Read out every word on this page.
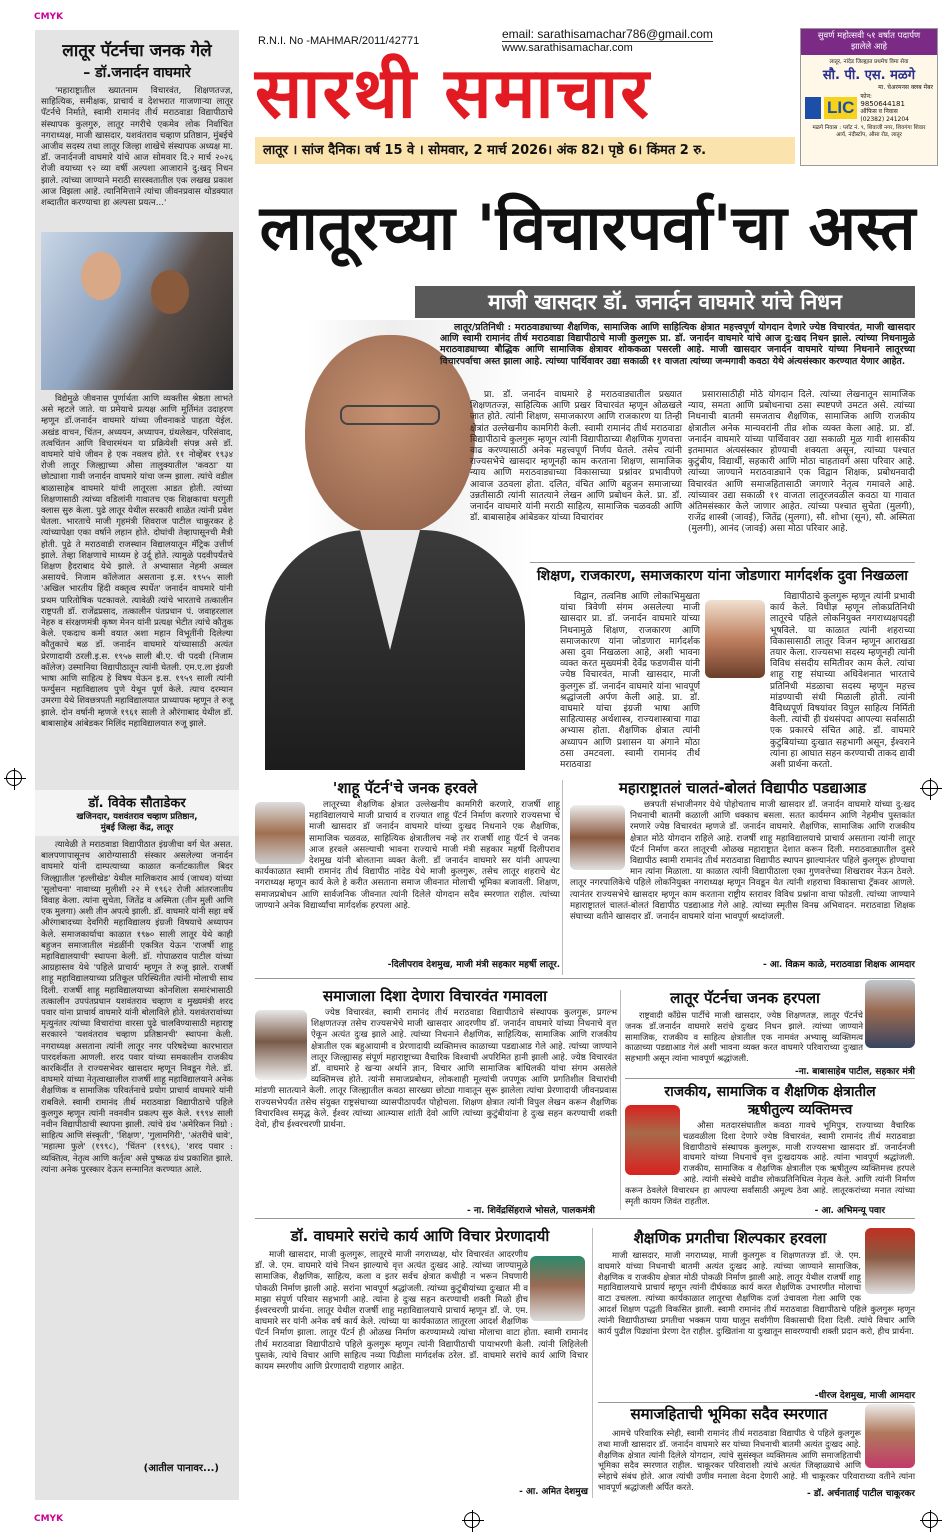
CMYK
CMYK
लातूर पॅटर्नचा जनक गेले
– डॉ.जनार्दन वाघमारे

'महाराष्ट्रातील ख्यातनाम विचारवंत, शिक्षणतज्ज्ञ, साहित्यिक, समीक्षक, प्राचार्य व देशभरात गाजणाऱ्या लातूर पॅटर्नचे निर्माते, स्वामी रामानंद तीर्थ मराठवाडा विद्यापीठाचे संस्थापक कुलगुरु, लातूर नगरीचे एकमेव लोक निर्वाचित नगराध्यक्ष, माजी खासदार, यशवंतराव चव्हाण प्रतिष्ठान, मुंबईचे आजीव सदस्य तथा लातूर जिल्हा शाखेचे संस्थापक अध्यक्ष मा. डॉ. जनार्दनजी वाघमारे यांचे आज सोमवार दि.२ मार्च २०२६ रोजी वयाच्या ९२ व्या वर्षी अल्पशा आजाराने दु:खद् निधन झाले. त्यांच्या जाण्याने मराठी सारस्वतातील एक लखख प्रकाश आज विझला आहे. त्यानिमित्ताने त्यांचा जीवनप्रवास थोडक्यात शब्दातीत करण्याचा हा अल्पसा प्रयत्न...'

विद्येमुळे जीवनास पूर्णार्थता आणि व्यक्तीस श्रेष्ठता लाभते असे म्हटले जाते. या प्रमेयाचे प्रत्यक्ष आणि मूर्तिमंत उदाहरण म्हणून डॉ.जनार्दन वाघमारे यांच्या जीवनाकडे पाहता येईल. अखंड वाचन, चिंतन, अध्ययन, अध्यापन, ग्रंथलेखन, परिसंवाद, तत्वचिंतन आणि विचारमंथन या प्रक्रियेशी संपन्न असे डॉ. वाघमारे यांचे जीवन हे एक नवलच होते. ११ नोव्हेंबर १९३४ रोजी लातूर जिल्ह्याच्या औसा तालुक्यातील 'कवठा' या छोट्याशा गावी जनार्दन वाघमारे यांचा जन्म झाला. त्यांचे वडील बाळासाहेब वाघमारे यांची लातूरला आडत होती. त्यांच्या शिक्षणासाठी त्यांच्या वडिलांनी गावातच एक शिक्षकाचा घरगुती क्लास सुरु केला. पुढे लातूर येथील सरकारी शाळेत त्यांनी प्रवेश घेतला. भारताचे माजी गृहमंत्री शिवराज पाटील चाकूरकर हे त्यांच्यापेक्षा एका वर्षाने लहान होते. दोघांची तेव्हापासूनची मैत्री होती. पुढे ते मराठवाडी राजस्थान विद्यालयातून मॅट्रिक उत्तीर्ण झाले. तेव्हा शिक्षणाचे माध्यम हे उर्दू होते. त्यामुळे पदवीपर्यंतचे शिक्षण हैदराबाद येथे झाले. ते अभ्यासात नेहमी अव्वल असायचे. निजाम कॉलेजात असताना इ.स. १९५५ साली 'अखिल भारतीय हिंदी वक्तृत्व स्पर्धेत' जनार्दन वाघमारे यांनी प्रथम पारितोषिक पटकावले. त्यावेळी त्यांचे भारताचे तत्कालीन राष्ट्रपती डॉ. राजेंद्रप्रसाद, तत्कालीन पंतप्रधान पं. जवाहरलाल नेहरु व संरक्षणमंत्री कृष्ण मेनन यांनी प्रत्यक्ष भेटीत त्यांचे कौतुक केले. एकदाच कमी वयात अशा महान विभूतींनी दिलेल्या कौतुकाचे बळ डॉ. जनार्दन वाघमारे यांच्यासाठी अत्यंत प्रेरणादायी ठरली.इ.स. १९५७ साली बी.ए. ची पदवी (निजाम कॉलेज) उस्मानिया विद्यापीठातून त्यांनी घेतली. एम.ए.ला इंग्रजी भाषा आणि साहित्य हे विषय घेऊन इ.स. १९५९ साली त्यांनी फर्ग्युसन महाविद्यालय पुणे येथून पूर्ण केले. त्याच दरम्यान उमरगा येथे शिवछत्रपती महाविद्यालयात प्राध्यापक म्हणून ते रुजू झाले. दोन वर्षानी म्हणजे १९६१ साली ते औरंगाबाद येथील डॉ. बाबासाहेब आंबेडकर मिलिंद महाविद्यालयात रुजू झाले.

डॉ. विवेक सौताडेकर
खजिनदार, यशवंतराव चव्हाण प्रतिष्ठान,
मुंबई जिल्हा केंद्र, लातूर

त्यावेळी ते मराठवाडा विद्यापीठात इंग्रजीचा वर्ग घेत असत. बालपणापासूनच आरोग्यासाठी संस्कार असलेल्या जनार्दन वाघमारे यांनी दाम्पत्याच्या काळात कर्नाटकातील बिदर जिल्ह्यातील 'हल्लीखेड' येथील मालिकराव आर्य (जाधव) यांच्या 'सुलोचना' नावाच्या मुलीशी २२ मे १९६२ रोजी आंतरजातीय विवाह केला. त्यांना सुचेता, जितेंद्र व अस्मिता (तीन मुली आणि एक मुलगा) अशी तीन अपत्ये झाली. डॉ. वाघमारे यांनी सहा वर्षे औरंगाबादच्या देवगिरी महाविद्यालय इंग्रजी विषयाचे अध्यापन केले. समाजकार्याचा काळात १९७० साली लातूर येथे काही बहुजन समाजातील मंडळींनी एकत्रित येऊन 'राजर्षी शाहू महाविद्यालयाची' स्थापना केली. डॉ. गोपाळराव पाटील यांच्या आग्रहास्तव येथे 'पहिले प्राचार्य' म्हणून ते रुजू झाले. राजर्षी शाहू महाविद्यालयाच्या प्रतिकूल परिस्थितीत त्यांनी मोलाची साथ दिली. राजर्षी शाहू महाविद्यालयाच्या कोनशिला समारंभासाठी तत्कालीन उपपंतप्रधान यशवंतराव चव्हाण व मुख्यमंत्री शरद पवार यांना प्राचार्य वाघमारे यांनी बोलाविले होते. यशवंतरावांच्या मृत्युनंतर त्यांच्या विचारांचा वारसा पुढे चालविण्यासाठी महाराष्ट्र सरकारने 'यशवंतराव चव्हाण प्रतिष्ठानची' स्थापना केली. नगराध्यक्ष असताना त्यांनी लातूर नगर परिषदेच्या कारभारात पारदर्शकता आणली. शरद पवार यांच्या समकालीन राजकीय कारकिर्दीत ते राज्यसभेवर खासदार म्हणून निवडून गेले. डॉ. वाघमारे यांच्या नेतृत्वाखालील राजर्षी शाहू महाविद्यालयाने अनेक शैक्षणिक व सामाजिक परिवर्तनाचे प्रयोग प्राचार्य वाघमारे यांनी राबविले. स्वामी रामानंद तीर्थ मराठवाडा विद्यापीठाचे पहिले कुलगुरु म्हणून त्यांनी नवनवीन प्रकल्प सुरु केले. १९९४ साली नवीन विद्यापीठाची स्थापना झाली. त्यांचे ग्रंथ 'अमेरिकन निग्रो : साहित्य आणि संस्कृती', 'शिक्षण', 'गुलामगिरी', 'अंतरीचे धावे', 'महात्मा फुले' (१९९८), 'चिंतन' (१९९६), 'शरद पवार : व्यक्तित्व, नेतृत्व आणि कर्तृत्व' असे पुष्कळ ग्रंथ प्रकाशित झाले. त्यांना अनेक पुरस्कार देऊन सन्मानित करण्यात आले.

(आतील पानावर...)
R.N.I. No -MAHMAR/2011/42771	email: sarathisamachar786@gmail.com
www.sarathisamachar.com
सारथी समाचार
लातूर । सांज दैनिक। वर्ष 15 वे । सोमवार, 2 मार्च 2026। अंक 82। पृष्ठे 6। किंमत 2 रु.
सुवर्ण महोत्सवी ५१ वर्षात पदार्पण झालेले आहे
लातूर, नांदेड जिल्ह्यात प्रथमेच विमा सेवा
सौ. पी. एस. मळगे
मा. चेअरमनस क्लब मेंबर
LIC
फोन:
9850644181
ऑफिस व निवास
(02382) 241204
मळगे निवास : प्लॉट नं. ९, शिवाजी नगर, शिवगंगा शिवार आर्य, नंदीस्टॉप, औसा रोड, लातूर
लातूरच्या 'विचारपर्वा'चा अस्त
माजी खासदार डॉ. जनार्दन वाघमारे यांचे निधन

लातूर/प्रतिनिधी : मराठवाड्याच्या शैक्षणिक, सामाजिक आणि साहित्यिक क्षेत्रात महत्त्वपूर्ण योगदान देणारे ज्येष्ठ विचारवंत, माजी खासदार आणि स्वामी रामानंद तीर्थ मराठवाडा विद्यापीठाचे माजी कुलगुरू प्रा. डॉ. जनार्दन वाघमारे यांचे आज दु:खद निधन झाले. त्यांच्या निधनामुळे मराठवाड्याच्या बौद्धिक आणि सामाजिक क्षेत्रावर शोककळा पसरली आहे. माजी खासदार जनार्दन वाघमारे यांच्या निधनाने लातूरच्या विचारपर्वाचा अस्त झाला आहे. त्यांच्या पार्थिवावर उद्या सकाळी ११ वाजता त्यांच्या जन्मगावी कवठा येथे अंत्यसंस्कार करण्यात येणार आहेत.

प्रा. डॉ. जनार्दन वाघमारे हे मराठवाड्यातील प्रख्यात शिक्षणतज्ज्ञ, साहित्यिक आणि प्रखर विचारवंत म्हणून ओळखले जात होते. त्यांनी शिक्षण, समाजकारण आणि राजकारण या तिन्ही क्षेत्रांत उल्लेखनीय कामगिरी केली. स्वामी रामानंद तीर्थ मराठवाडा विद्यापीठाचे कुलगुरू म्हणून त्यांनी विद्यापीठाच्या शैक्षणिक गुणवत्ता वाढ करण्यासाठी अनेक महत्त्वपूर्ण निर्णय घेतले. तसेच त्यांनी राज्यसभेचे खासदार म्हणूनही काम करताना शिक्षण, सामाजिक न्याय आणि मराठवाड्याच्या विकासाच्या प्रश्नांवर प्रभावीपणे आवाज उठवला होता. दलित, वंचित आणि बहुजन समाजाच्या उन्नतीसाठी त्यांनी सातत्याने लेखन आणि प्रबोधन केले. प्रा. डॉ. जनार्दन वाघमारे यांनी मराठी साहित्य, सामाजिक चळवळी आणि डॉ. बाबासाहेब आंबेडकर यांच्या विचारांवर

प्रसारासाठीही मोठे योगदान दिले. त्यांच्या लेखनातून सामाजिक न्याय, समता आणि प्रबोधनाचा ठसा स्पष्टपणे उमटत असे. त्यांच्या निधनाची बातमी समजताच शैक्षणिक, सामाजिक आणि राजकीय क्षेत्रातील अनेक मान्यवरांनी तीव्र शोक व्यक्त केला आहे. प्रा. डॉ. जनार्दन वाघमारे यांच्या पार्थिवावर उद्या सकाळी मूळ गावी शासकीय इतमामात अंत्यसंस्कार होण्याची शक्यता असून, त्यांच्या पश्चात कुटुंबीय, विद्यार्थी, सहकारी आणि मोठा चाहतावर्ग असा परिवार आहे. त्यांच्या जाण्याने मराठवाड्याने एक विद्वान शिक्षक, प्रबोधनवादी विचारवंत आणि समाजहितासाठी जगणारे नेतृत्व गमावले आहे. त्यांच्यावर उद्या सकाळी ११ वाजता लातूरजवळील कवठा या गावात अंतिमसंस्कार केले जाणार आहेत. त्यांच्या पश्चात सुचेता (मुलगी), राजेंद्र शास्त्री (जावई), जितेंद्र (मुलगा), सौ. शोभा (सून), सौ. अस्मिता (मुलगी), आनंद (जावई) असा मोठा परिवार आहे.

शिक्षण, राजकारण, समाजकारण यांना जोडणारा मार्गदर्शक दुवा निखळला

विद्वान, तत्वनिष्ठ आणि लोकाभिमुखता यांचा त्रिवेणी संगम असलेल्या माजी खासदार प्रा. डॉ. जनार्दन वाघमारे यांच्या निधनामुळे शिक्षण, राजकारण आणि समाजकारण यांना जोडणारा मार्गदर्शक असा दुवा निखळला आहे, अशी भावना व्यक्त करत मुख्यमंत्री देवेंद्र फडणवीस यांनी ज्येष्ठ विचारवंत, माजी खासदार, माजी कुलगुरू डॉ. जनार्दन वाघमारे यांना भावपूर्ण श्रद्धांजली अर्पण केली आहे. प्रा. डॉ. वाघमारे यांचा इंग्रजी भाषा आणि साहित्यासह अर्थशास्त्र, राज्यशास्त्राचा गाढा अभ्यास होता. शैक्षणिक क्षेत्रात त्यांनी अध्यापन आणि प्रशासन या अंगाने मोठा ठसा उमटवला. स्वामी रामानंद तीर्थ मराठवाडा

विद्यापीठाचे कुलगुरू म्हणून त्यांनी प्रभावी कार्य केले. विधीज्ञ म्हणून लोकप्रतिनिधी लातूरचे पहिले लोकनियुक्त नगराध्यक्षपदही भूषविले. या काळात त्यांनी शहराच्या विकासासाठी लातूर विजन म्हणून आराखडा तयार केला. राज्यसभा सदस्य म्हणूनही त्यांनी विविध संसदीय समितीवर काम केले. त्यांचा शाहू राष्ट्र संघाच्या अधिवेशनात भारताचे प्रतिनिधी मंडळाचा सदस्य म्हणून महत्त्व मांडण्याची संधी मिळाली होती. त्यांनी वैविध्यपूर्ण विषयांवर विपुल साहित्य निर्मिती केली. त्यांची ही ग्रंथसंपदा आपल्या सर्वासाठी एक प्रकारचे संचित आहे. डॉ. वाघमारे कुटुंबियांच्या दुःखात सहभागी असून, ईश्वराने त्यांना हा आघात सहन करण्याची ताकद द्यावी अशी प्रार्थना करतो.

'शाहू पॅटर्न'चे जनक हरवले

लातूरच्या शैक्षणिक क्षेत्रात उल्लेखनीय कामगिरी करणारे, राजर्षी शाहू महाविद्यालयाचे माजी प्राचार्य व राज्यात शाहू पॅटर्न निर्माण करणारे राज्यसभा चे माजी खासदार डॉ जनार्दन वाघमारे यांच्या दुःखद निधनाने एक शैक्षणिक, सामाजिक चळवळ, साहित्यिक क्षेत्रातीलच नव्हे तर राजर्षी शाहू पॅटर्न चे जनक आज हरवले असल्याची भावना राज्याचे माजी मंत्री सहकार महर्षी दिलीपराव देशमुख यांनी बोलताना व्यक्त केली. डॉ जनार्दन वाघमारे सर यांनी आपल्या कार्यकाळात स्वामी रामानंद तीर्थ विद्यापीठ नांदेड येथे माजी कुलगुरू, तसेच लातूर शहराचे थेट नगराध्यक्ष म्हणून कार्य केले हे करीत असताना समाज जीवनात मोलाची भूमिका बजावली. शिक्षण, समाजप्रबोधन आणि सार्वजनिक जीवनात त्यांनी दिलेले योगदान सदैव स्मरणात राहील. त्यांच्या जाण्याने अनेक विद्यार्थ्यांचा मार्गदर्शक हरपला आहे.

-दिलीपराव देशमुख, माजी मंत्री सहकार महर्षी लातूर.
महाराष्ट्रातलं चालतं-बोलतं विद्यापीठ पडद्याआड

छत्रपती संभाजीनगर येथे पोहोचताच माजी खासदार डॉ. जनार्दन वाघमारे यांच्या दु:खद निधनाची बातमी कळाली आणि धक्काच बसला. सतत कार्यमग्न आणि नेहमीच पुस्तकांत रमणारे ज्येष्ठ विचारवंत म्हणजे डॉ. जनार्दन वाघमारे. शैक्षणिक, सामाजिक आणि राजकीय क्षेत्रात मोठे योगदान राहिले आहे. राजर्षी शाहू महाविद्यालयाचे प्राचार्य असताना त्यांनी लातूर पॅटर्न निर्माण करत लातूरची ओळख महाराष्ट्रात देशात करून दिली. मराठवाड्यातील दुसरे विद्यापीठ स्वामी रामानंद तीर्थ मराठवाडा विद्यापीठ स्थापन झाल्यानंतर पहिले कुलगुरू होण्याचा मान त्यांना मिळाला. या काळात त्यांनी विद्यापीठाला एका गुणवत्तेच्या शिखरावर नेऊन ठेवले. लातूर नगरपालिकेचे पहिले लोकनियुक्त नगराध्यक्ष म्हणून निवडून येत त्यांनी शहराचा विकासाचा ट्रॅकवर आणले. त्यानंतर राज्यसभेचे खासदार म्हणून काम करताना राष्ट्रीय स्तरावर विविध प्रश्नांना वाचा फोडली. त्यांच्या जाण्याने महाराष्ट्रातलं चालतं-बोलतं विद्यापीठ पडद्याआड गेले आहे. त्यांच्या स्मृतीस विनम्र अभिवादन. मराठवाडा शिक्षक संघाच्या वतीने खासदार डॉ. जनार्दन वाघमारे यांना भावपूर्ण श्रध्दांजली.

- आ. विक्रम काळे, मराठवाडा शिक्षक आमदार
समाजाला दिशा देणारा विचारवंत गमावला

ज्येष्ठ विचारवंत, स्वामी रामानंद तीर्थ मराठवाडा विद्यापीठाचे संस्थापक कुलगुरू, प्रगल्भ शिक्षणतज्ज्ञ तसेच राज्यसभेचे माजी खासदार आदरणीय डॉ. जनार्दन वाघमारे यांच्या निधनाचे वृत्त ऐकून अत्यंत दुःख झाले आहे. त्यांच्या निधनाने शैक्षणिक, साहित्यिक, सामाजिक आणि राजकीय क्षेत्रातील एक बहुआयामी व प्रेरणादायी व्यक्तिमत्त्व काळाच्या पडद्याआड गेले आहे. त्यांच्या जाण्याने लातूर जिल्ह्यासह संपूर्ण महाराष्ट्राच्या वैचारिक विश्वाची अपरिमित हानी झाली आहे. ज्येष्ठ विचारवंत डॉ. वाघमारे हे खऱ्या अर्थाने ज्ञान, विचार आणि सामाजिक बांधिलकी यांचा संगम असलेले व्यक्तिमत्त्व होते. त्यांनी समाजप्रबोधन, लोकशाही मूल्यांची जपणूक आणि प्रगतिशील विचारांची मांडणी सातत्याने केली. लातूर जिल्ह्यातील कवठा सारख्या छोट्या गावातून सुरू झालेला त्यांचा प्रेरणादायी जीवनप्रवास राज्यसभेपर्यंत तसेच संयुक्त राष्ट्रसंघाच्या व्यासपीठापर्यंत पोहोचला. शिक्षण क्षेत्रात त्यांनी विपुल लेखन करून शैक्षणिक विचारविश्व समृद्ध केले. ईश्वर त्यांच्या आत्म्यास शांती देवो आणि त्यांच्या कुटुंबीयांना हे दुःख सहन करण्याची शक्ती देवो, हीच ईश्वरचरणी प्रार्थना.

- ना. शिवेंद्रसिंहराजे भोसले, पालकमंत्री
लातूर पॅटर्नचा जनक हरपला

राष्ट्रवादी कॉंग्रेस पार्टीचे माजी खासदार, ज्येष्ठ शिक्षणतज्ञ, लातूर पॅटर्नचे जनक डॉ.जनार्दन वाघमारे सरांचे दुःखद निधन झाले. त्यांच्या जाण्याने सामाजिक, राजकीय व साहित्य क्षेत्रातील एक नामवंत अभ्यासू व्यक्तिमत्व काळाच्या पडद्याआड गेलं अशी भावना व्यक्त करत वाघमारे परिवाराच्या दुःखात सहभागी असून त्यांना भावपूर्ण श्रद्धांजली.

-ना. बाबासाहेब पाटील, सहकार मंत्री
राजकीय, सामाजिक व शैक्षणिक क्षेत्रातील
ऋषीतुल्य व्यक्तिमत्त्व

औसा मतदारसंघातील कवठा गावचे भूमिपुत्र, राज्याच्या वैचारिक चळवळीला दिशा देणारे ज्येष्ठ विचारवंत, स्वामी रामानंद तीर्थ मराठवाडा विद्यापीठाचे संस्थापक कुलगुरू, माजी राज्यसभा खासदार डॉ. जनार्दनजी वाघमारे यांच्या निधनाचे वृत्त दुःखदायक आहे. त्यांना भावपूर्ण श्रद्धांजली. राजकीय, सामाजिक व शैक्षणिक क्षेत्रातील एक ऋषीतुल्य व्यक्तिमत्त्व हरपले आहे. त्यांनी संस्थेचे वाढीव लोकप्रतिनिधित्व नेतृत्व केले. आणि त्यांनी निर्माण करून ठेवलेले विचारधन हा आपल्या सर्वांसाठी अमूल्य ठेवा आहे. लातूरकरांच्या मनात त्यांच्या स्मृती कायम जिवंत राहतील.

- आ. अभिमन्यू पवार
डॉ. वाघमारे सरांचे कार्य आणि विचार प्रेरणादायी

माजी खासदार, माजी कुलगुरू, लातूरचे माजी नगराध्यक्ष, थोर विचारवंत आदरणीय डॉ. जे. एम. वाघमारे यांचे निधन झाल्याचे वृत्त अत्यंत दुःखद आहे. त्यांच्या जाण्यामुळे सामाजिक, शैक्षणिक, साहित्य, कला व इतर सर्वच क्षेत्रात कधीही न भरून निघणारी पोकळी निर्माण झाली आहे. सरांना भावपूर्ण श्रद्धांजली. त्यांच्या कुटुंबीयांच्या दुःखात मी व माझा संपूर्ण परिवार सहभागी आहे. त्यांना हे दुःख सहन करण्याची शक्ती मिळो हीच ईश्वरचरणी प्रार्थना. लातूर येथील राजर्षी शाहू महाविद्यालयाचे प्राचार्य म्हणून डॉ. जे. एम. वाघमारे सर यांनी अनेक वर्ष कार्य केले. त्यांच्या या कार्यकाळात लातूरला आदर्श शैक्षणिक पॅटर्न निर्माण झाला. लातूर पॅटर्न ही ओळख निर्माण करण्यामध्ये त्यांचा मोलाचा वाटा होता. स्वामी रामानंद तीर्थ मराठवाडा विद्यापीठाचे पहिले कुलगुरू म्हणून त्यांनी विद्यापीठाची पायाभरणी केली. त्यांनी लिहिलेली पुस्तके, त्यांचे विचार आणि साहित्य नव्या पिढीला मार्गदर्शक ठरेल. डॉ. वाघमारे सरांचे कार्य आणि विचार कायम स्मरणीय आणि प्रेरणादायी राहणार आहेत.

- आ. अमित देशमुख
शैक्षणिक प्रगतीचा शिल्पकार हरवला

माजी खासदार, माजी नगराध्यक्ष, माजी कुलगुरू व शिक्षणतज्ज्ञ डॉ. जे. एम. वाघमारे यांच्या निधनाची बातमी अत्यंत दुःखद आहे. त्यांच्या जाण्याने सामाजिक, शैक्षणिक व राजकीय क्षेत्रात मोठी पोकळी निर्माण झाली आहे. लातूर येथील राजर्षी शाहू महाविद्यालयाचे प्राचार्य म्हणून त्यांनी दीर्घकाळ कार्य करत शैक्षणिक उभारणीत मोलाचा वाटा उचलला. त्यांच्या कार्यकाळात लातूरचा शैक्षणिक दर्जा उंचावला गेला आणि एक आदर्श शिक्षण पद्धती विकसित झाली. स्वामी रामानंद तीर्थ मराठवाडा विद्यापीठाचे पहिले कुलगुरू म्हणून त्यांनी विद्यापीठाच्या प्रगतीचा भक्कम पाया घालून सर्वांगीण विकासाची दिशा दिली. त्यांचे विचार आणि कार्य पुढील पिढ्यांना प्रेरणा देत राहील. दुःखितांना या दुःखातून सावरण्याची शक्ती प्रदान करो, हीच प्रार्थना.

-धीरज देशमुख, माजी आमदार
समाजहिताची भूमिका सदैव स्मरणात

आमचे परिवारिक स्नेही, स्वामी रामानंद तीर्थ मराठवाडा विद्यापीठ चे पहिले कुलगुरू तथा माजी खासदार डॉ. जनार्दन वाघमारे सर यांच्या निधनाची बातमी अत्यंत दुःखद आहे. शैक्षणिक क्षेत्रात त्यांनी दिलेले योगदान, त्यांचे सुसंस्कृत व्यक्तिमत्व आणि समाजहिताची भूमिका सदैव स्मरणात राहील. चाकूरकर परिवाराशी त्यांचे अत्यंत जिव्हाळ्याचे आणि स्नेहाचे संबंध होते. आज त्यांची उणीव मनाला वेदना देणारी आहे. मी चाकूरकर परिवाराच्या वतीने त्यांना भावपूर्ण श्रद्धांजली अर्पित करते.

- डॉ. अर्चनाताई पाटील चाकूरकर
